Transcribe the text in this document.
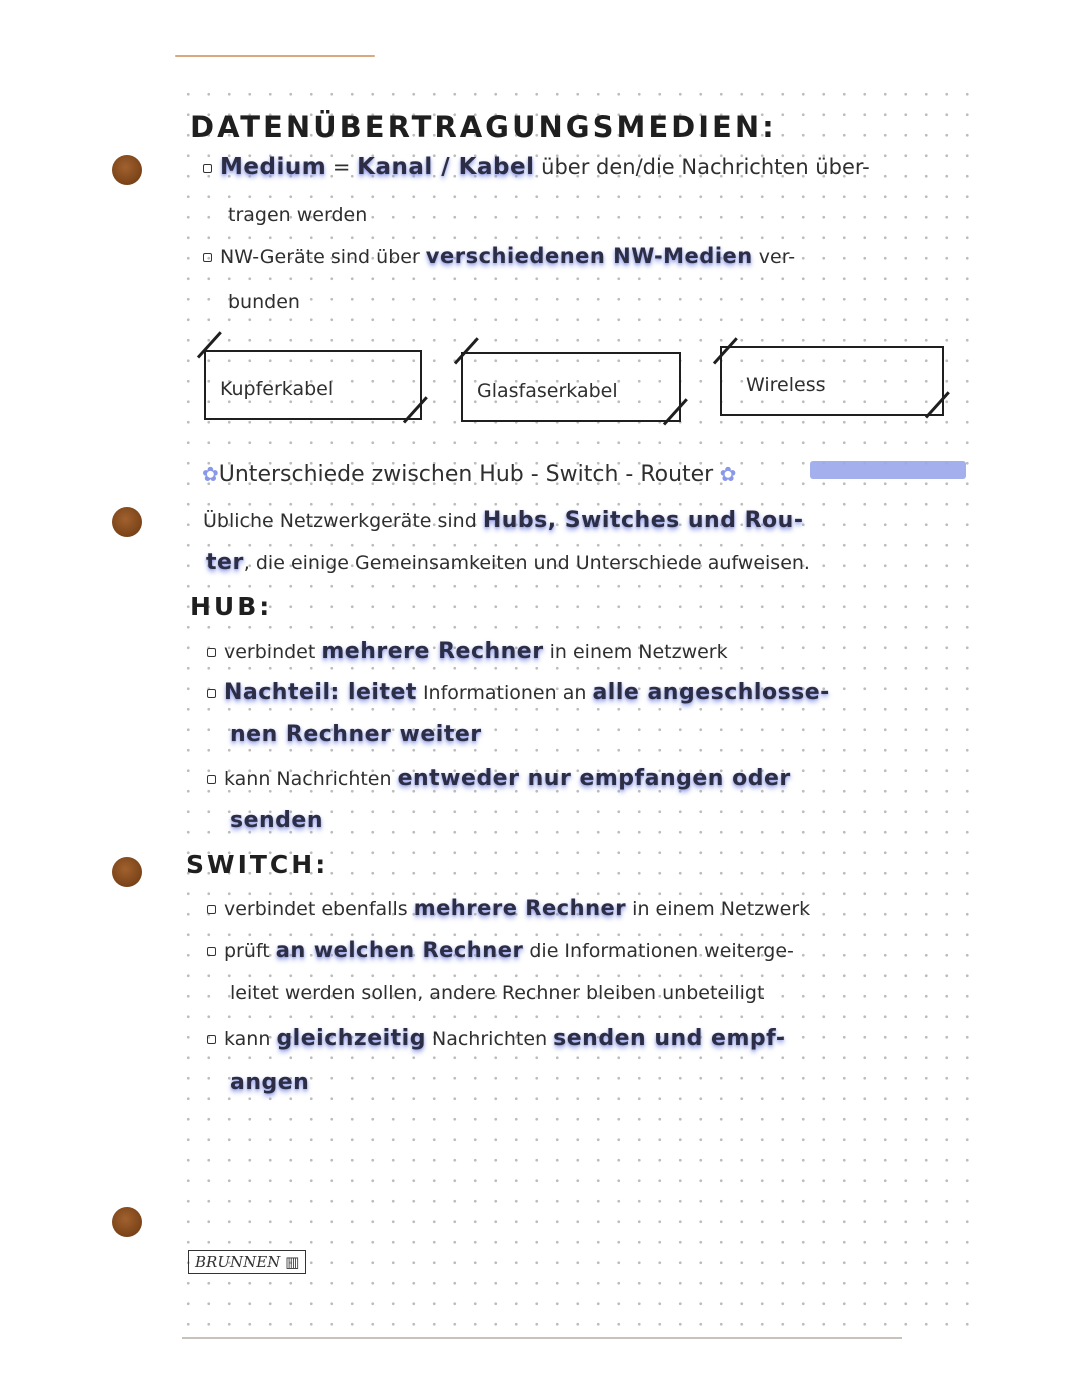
DATENÜBERTRAGUNGSMEDIEN:
Medium = Kanal / Kabel über den/die Nachrichten über-
tragen werden
NW-Geräte sind über verschiedenen NW-Medien ver-
bunden
Kupferkabel	Glasfaserkabel	Wireless
✿Unterschiede zwischen Hub - Switch - Router ✿
Übliche Netzwerkgeräte sind Hubs, Switches und Rou-
ter, die einige Gemeinsamkeiten und Unterschiede aufweisen.
HUB:
verbindet mehrere Rechner in einem Netzwerk
Nachteil: leitet Informationen an alle angeschlosse-
nen Rechner weiter
kann Nachrichten entweder nur empfangen oder
senden
SWITCH:
verbindet ebenfalls mehrere Rechner in einem Netzwerk
prüft an welchen Rechner die Informationen weiterge-
leitet werden sollen, andere Rechner bleiben unbeteiligt
kann gleichzeitig Nachrichten senden und empf-
angen
BRUNNEN ▥
